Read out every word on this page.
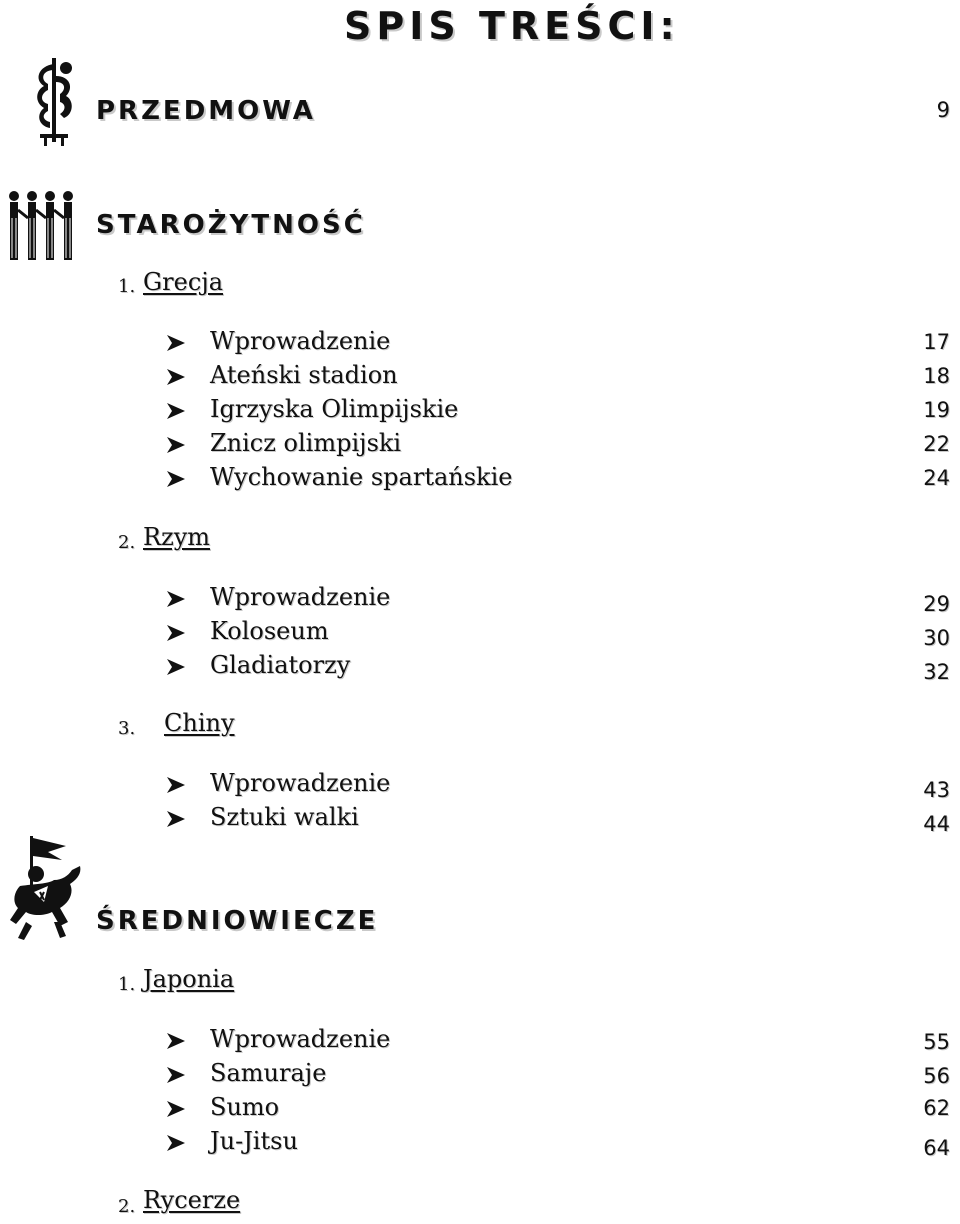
SPIS TREŚCI:
PRZEDMOWA	9
STAROŻYTNOŚĆ
1. Grecja
Wprowadzenie	17
Ateński stadion	18
Igrzyska Olimpijskie	19
Znicz olimpijski	22
Wychowanie spartańskie	24
2. Rzym
Wprowadzenie	29
Koloseum	30
Gladiatorzy	32
3. Chiny
Wprowadzenie	43
Sztuki walki	44
ŚREDNIOWIECZE
1. Japonia
Wprowadzenie	55
Samuraje	56
Sumo	62
Ju-Jitsu	64
2. Rycerze
